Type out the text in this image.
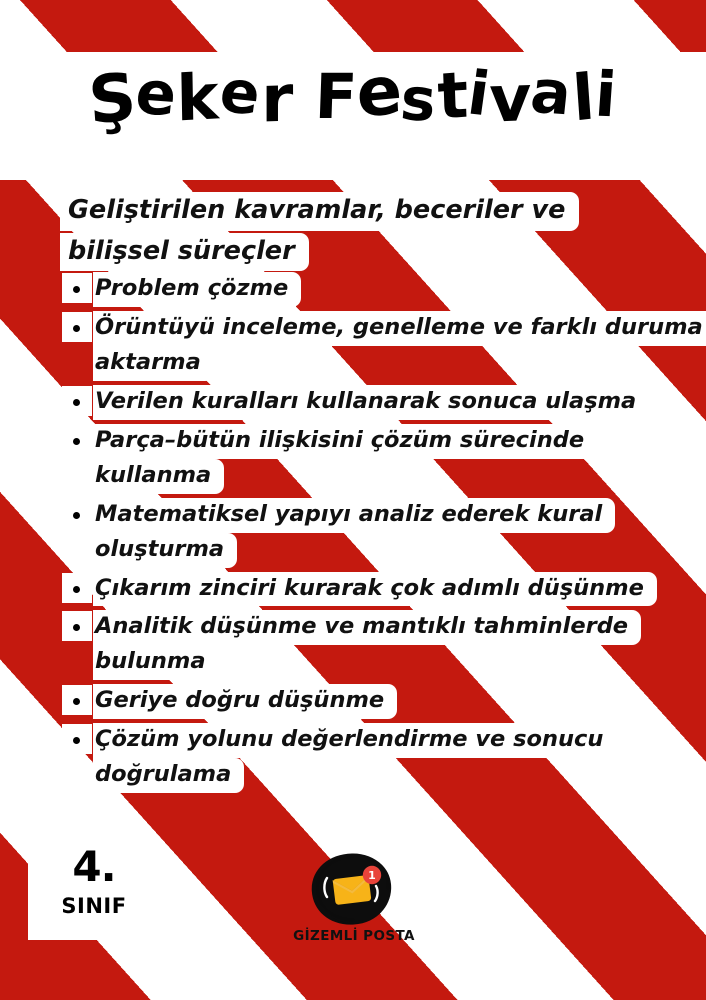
Şeker Festivali
Geliştirilen kavramlar, beceriler ve
bilişsel süreçler
Problem çözme
Örüntüyü inceleme, genelleme ve farklı duruma
aktarma
Verilen kuralları kullanarak sonuca ulaşma
Parça–bütün ilişkisini çözüm sürecinde
kullanma
Matematiksel yapıyı analiz ederek kural
oluşturma
Çıkarım zinciri kurarak çok adımlı düşünme
Analitik düşünme ve mantıklı tahminlerde
bulunma
Geriye doğru düşünme
Çözüm yolunu değerlendirme ve sonucu
doğrulama
4.
SINIF
1
GİZEMLİ POSTA
